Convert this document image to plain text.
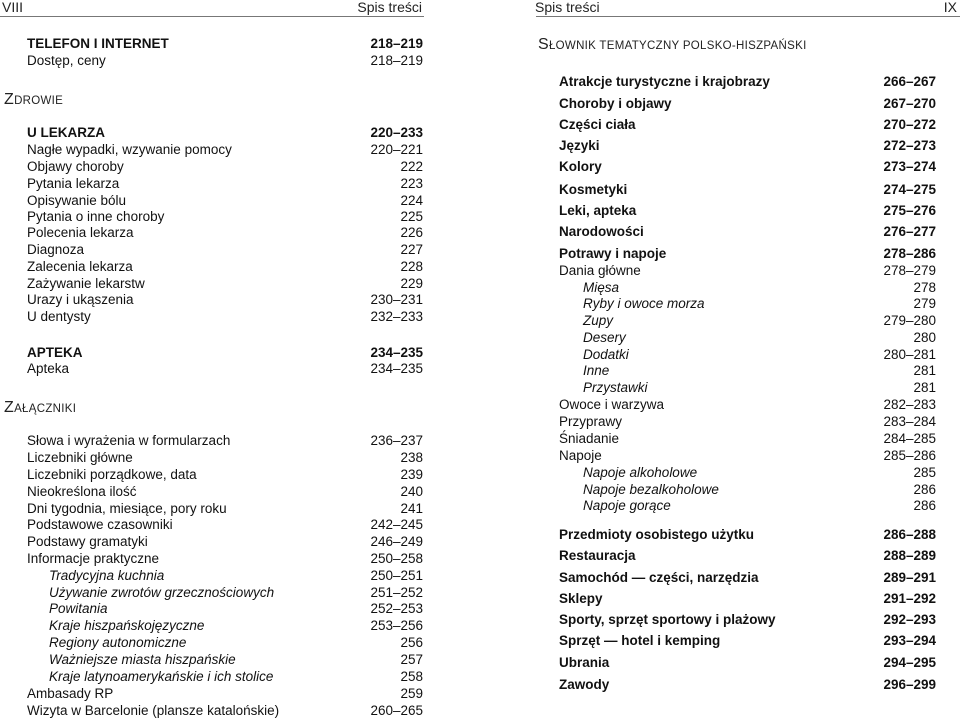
VIII	Spis treści
ZDROWIE
ZAŁĄCZNIKI
TELEFON I INTERNET	218–219
Dostęp, ceny	218–219
U LEKARZA	220–233
Nagłe wypadki, wzywanie pomocy	220–221
Objawy choroby	222
Pytania lekarza	223
Opisywanie bólu	224
Pytania o inne choroby	225
Polecenia lekarza	226
Diagnoza	227
Zalecenia lekarza	228
Zażywanie lekarstw	229
Urazy i ukąszenia	230–231
U dentysty	232–233
APTEKA	234–235
Apteka	234–235
Słowa i wyrażenia w formularzach	236–237
Liczebniki główne	238
Liczebniki porządkowe, data	239
Nieokreślona ilość	240
Dni tygodnia, miesiące, pory roku	241
Podstawowe czasowniki	242–245
Podstawy gramatyki	246–249
Informacje praktyczne	250–258
Tradycyjna kuchnia	250–251
Używanie zwrotów grzecznościowych	251–252
Powitania	252–253
Kraje hiszpańskojęzyczne	253–256
Regiony autonomiczne	256
Ważniejsze miasta hiszpańskie	257
Kraje latynoamerykańskie i ich stolice	258
Ambasady RP	259
Wizyta w Barcelonie (plansze katalońskie)	260–265
Spis treści	IX
SŁOWNIK TEMATYCZNY POLSKO-HISZPAŃSKI
Atrakcje turystyczne i krajobrazy	266–267
Choroby i objawy	267–270
Części ciała	270–272
Języki	272–273
Kolory	273–274
Kosmetyki	274–275
Leki, apteka	275–276
Narodowości	276–277
Potrawy i napoje	278–286
Dania główne	278–279
Mięsa	278
Ryby i owoce morza	279
Zupy	279–280
Desery	280
Dodatki	280–281
Inne	281
Przystawki	281
Owoce i warzywa	282–283
Przyprawy	283–284
Śniadanie	284–285
Napoje	285–286
Napoje alkoholowe	285
Napoje bezalkoholowe	286
Napoje gorące	286
Przedmioty osobistego użytku	286–288
Restauracja	288–289
Samochód — części, narzędzia	289–291
Sklepy	291–292
Sporty, sprzęt sportowy i plażowy	292–293
Sprzęt — hotel i kemping	293–294
Ubrania	294–295
Zawody	296–299
